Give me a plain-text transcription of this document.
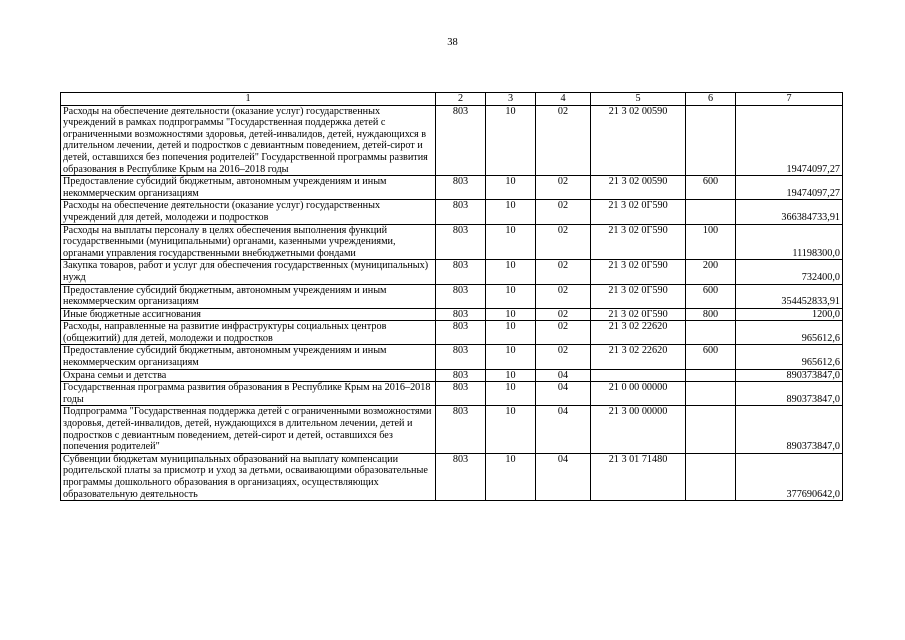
38
1	2	3	4	5	6	7
Расходы на обеспечение деятельности (оказание услуг) государственных учреждений в рамках подпрограммы "Государственная поддержка детей с ограниченными возможностями здоровья, детей-инвалидов, детей, нуждающихся в длительном лечении, детей и подростков с девиантным поведением, детей-сирот и детей, оставшихся без попечения родителей" Государственной программы развития образования в Республике Крым на 2016–2018 годы	803	10	02	21 3 02 00590		19474097,27

Предоставление субсидий бюджетным, автономным учреждениям и иным некоммерческим организациям	803	10	02	21 3 02 00590	600	19474097,27

Расходы на обеспечение деятельности (оказание услуг) государственных учреждений для детей, молодежи и подростков	803	10	02	21 3 02 0Г590		366384733,91

Расходы на выплаты персоналу в целях обеспечения выполнения функций государственными (муниципальными) органами, казенными учреждениями, органами управления государственными внебюджетными фондами	803	10	02	21 3 02 0Г590	100	11198300,0

Закупка товаров, работ и услуг для обеспечения государственных (муниципальных) нужд	803	10	02	21 3 02 0Г590	200	732400,0

Предоставление субсидий бюджетным, автономным учреждениям и иным некоммерческим организациям	803	10	02	21 3 02 0Г590	600	354452833,91

Иные бюджетные ассигнования	803	10	02	21 3 02 0Г590	800	1200,0

Расходы, направленные на развитие инфраструктуры социальных центров (общежитий) для детей, молодежи и подростков	803	10	02	21 3 02 22620		965612,6

Предоставление субсидий бюджетным, автономным учреждениям и иным некоммерческим организациям	803	10	02	21 3 02 22620	600	965612,6

Охрана семьи и детства	803	10	04			890373847,0

Государственная программа развития образования в Республике Крым на 2016–2018 годы	803	10	04	21 0 00 00000		890373847,0

Подпрограмма "Государственная поддержка детей с ограниченными возможностями здоровья, детей-инвалидов, детей, нуждающихся в длительном лечении, детей и подростков с девиантным поведением, детей-сирот и детей, оставшихся без попечения родителей"	803	10	04	21 3 00 00000		890373847,0

Субвенции бюджетам муниципальных образований на выплату компенсации родительской платы за присмотр и уход за детьми, осваивающими образовательные программы дошкольного образования в организациях, осуществляющих образовательную деятельность	803	10	04	21 3 01 71480		377690642,0
